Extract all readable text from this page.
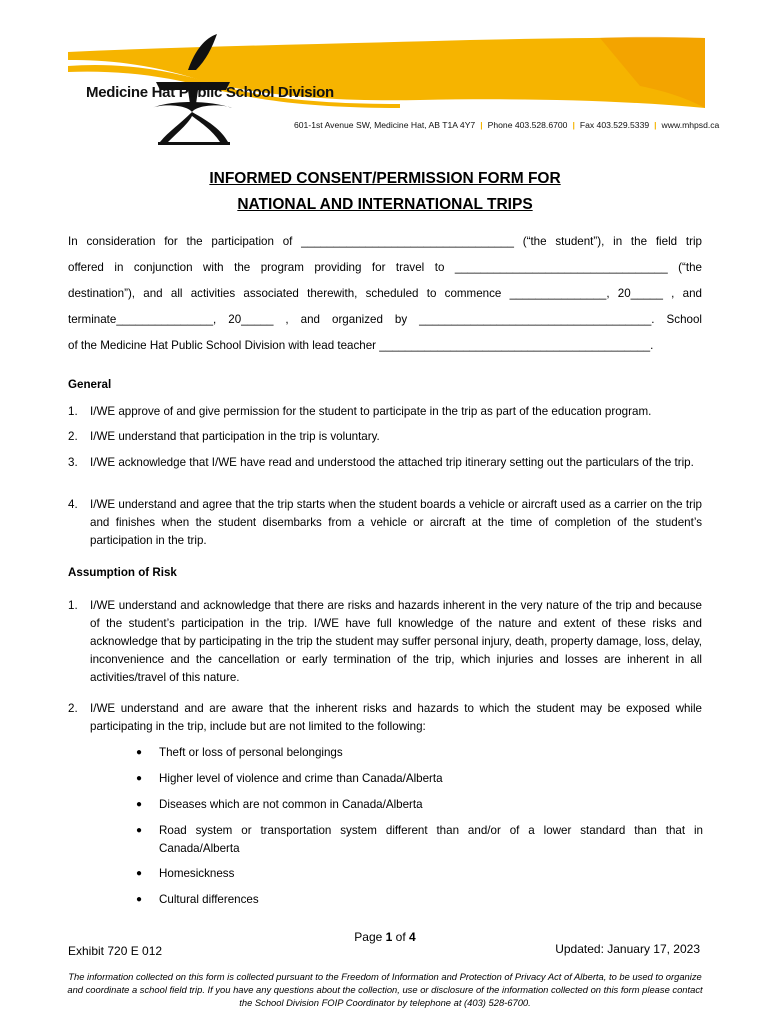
Medicine Hat Public School Division
601-1st Avenue SW, Medicine Hat, AB T1A 4Y7 | Phone 403.528.6700 | Fax 403.529.5339 | www.mhpsd.ca
INFORMED CONSENT/PERMISSION FORM FOR
NATIONAL AND INTERNATIONAL TRIPS
In consideration for the participation of _________________________________ (“the student”), in the field trip
offered in conjunction with the program providing for travel to _________________________________ (“the
destination”), and all activities associated therewith, scheduled to commence _______________, 20_____ , and
terminate_______________, 20_____ , and organized by ____________________________________. School
of the Medicine Hat Public School Division with lead teacher __________________________________________.
General
1. I/WE approve of and give permission for the student to participate in the trip as part of the education program.
2. I/WE understand that participation in the trip is voluntary.
3. I/WE acknowledge that I/WE have read and understood the attached trip itinerary setting out the particulars of the trip.
4. I/WE understand and agree that the trip starts when the student boards a vehicle or aircraft used as a carrier on the trip and finishes when the student disembarks from a vehicle or aircraft at the time of completion of the student’s participation in the trip.
Assumption of Risk
1. I/WE understand and acknowledge that there are risks and hazards inherent in the very nature of the trip and because of the student’s participation in the trip. I/WE have full knowledge of the nature and extent of these risks and acknowledge that by participating in the trip the student may suffer personal injury, death, property damage, loss, delay, inconvenience and the cancellation or early termination of the trip, which injuries and losses are inherent in all activities/travel of this nature.
2. I/WE understand and are aware that the inherent risks and hazards to which the student may be exposed while participating in the trip, include but are not limited to the following:
● Theft or loss of personal belongings
● Higher level of violence and crime than Canada/Alberta
● Diseases which are not common in Canada/Alberta
● Road system or transportation system different than and/or of a lower standard than that in Canada/Alberta
● Homesickness
● Cultural differences
Page 1 of 4
Exhibit 720 E 012	Updated: January 17, 2023
The information collected on this form is collected pursuant to the Freedom of Information and Protection of Privacy Act of Alberta, to be used to organize and coordinate a school field trip. If you have any questions about the collection, use or disclosure of the information collected on this form please contact the School Division FOIP Coordinator by telephone at (403) 528-6700.
